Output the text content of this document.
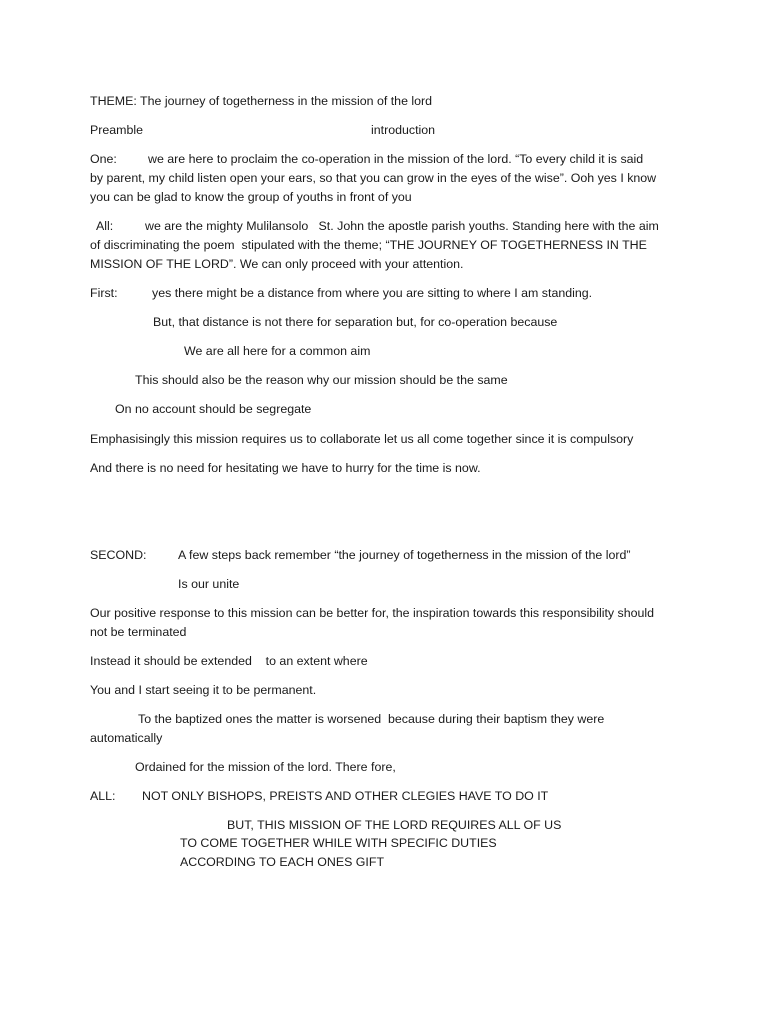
THEME: The journey of togetherness in the mission of the lord
Preamble	introduction
One:	we are here to proclaim the co-operation in the mission of the lord. “To every child it is said
by parent, my child listen open your ears, so that you can grow in the eyes of the wise”. Ooh yes I know
you can be glad to know the group of youths in front of you
All:	we are the mighty Mulilansolo   St. John the apostle parish youths. Standing here with the aim
of discriminating the poem  stipulated with the theme; “THE JOURNEY OF TOGETHERNESS IN THE
MISSION OF THE LORD”. We can only proceed with your attention.
First:	yes there might be a distance from where you are sitting to where I am standing.
But, that distance is not there for separation but, for co-operation because
We are all here for a common aim
This should also be the reason why our mission should be the same
On no account should be segregate
Emphasisingly this mission requires us to collaborate let us all come together since it is compulsory
And there is no need for hesitating we have to hurry for the time is now.
SECOND:	A few steps back remember “the journey of togetherness in the mission of the lord”
Is our unite
Our positive response to this mission can be better for, the inspiration towards this responsibility should
not be terminated
Instead it should be extended    to an extent where
You and I start seeing it to be permanent.
To the baptized ones the matter is worsened  because during their baptism they were
automatically
Ordained for the mission of the lord. There fore,
ALL: NOT ONLY BISHOPS, PREISTS AND OTHER CLEGIES HAVE TO DO IT
BUT, THIS MISSION OF THE LORD REQUIRES ALL OF US
TO COME TOGETHER WHILE WITH SPECIFIC DUTIES
ACCORDING TO EACH ONES GIFT
